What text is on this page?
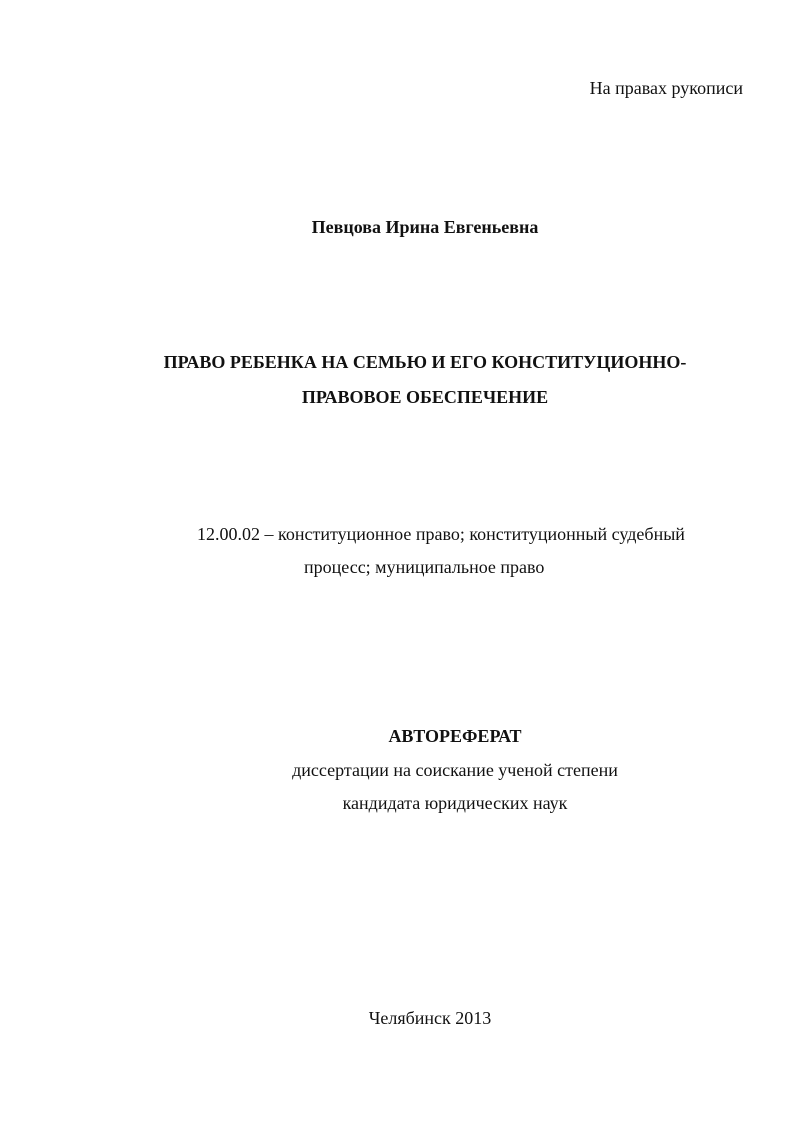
На правах рукописи
Певцова Ирина Евгеньевна
ПРАВО РЕБЕНКА НА СЕМЬЮ И ЕГО КОНСТИТУЦИОННО-
ПРАВОВОЕ ОБЕСПЕЧЕНИЕ
12.00.02 – конституционное право; конституционный судебный
процесс; муниципальное право
АВТОРЕФЕРАТ
диссертации на соискание ученой степени
кандидата юридических наук
Челябинск 2013
